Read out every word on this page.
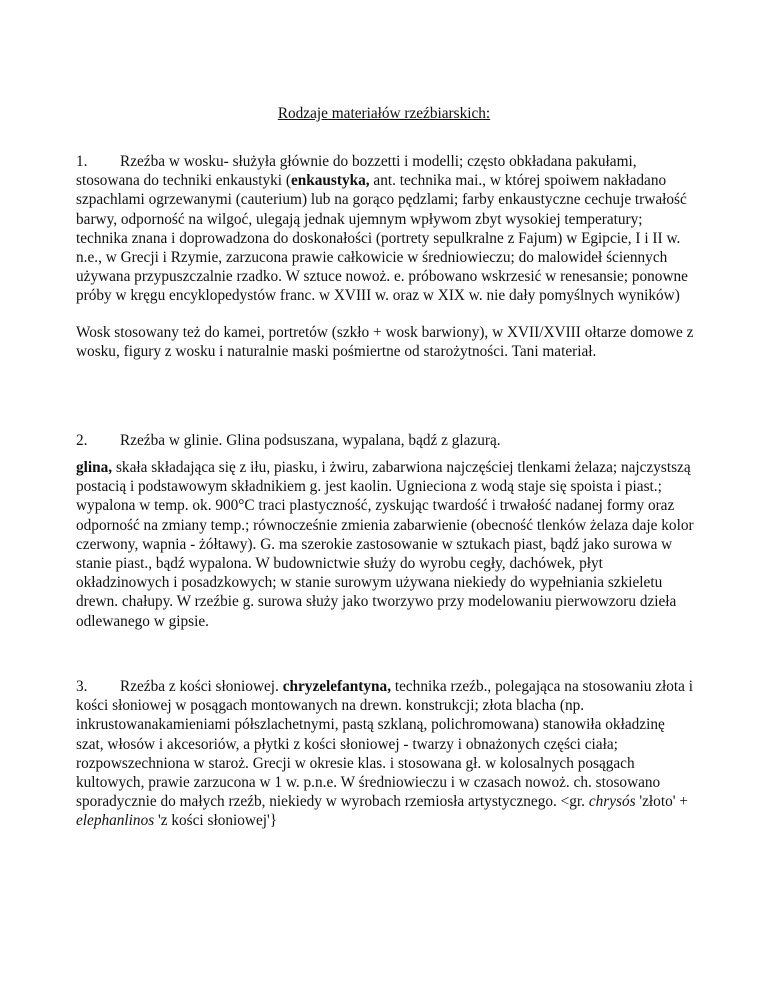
Rodzaje materiałów rzeźbiarskich:

1. Rzeźba w wosku- służyła głównie do bozzetti i modelli; często obkładana pakułami, stosowana do techniki enkaustyki (enkaustyka, ant. technika mai., w której spoiwem nakładano szpachlami ogrzewanymi (cauterium) lub na gorąco pędzlami; farby enkaustyczne cechuje trwałość barwy, odporność na wilgoć, ulegają jednak ujemnym wpływom zbyt wysokiej temperatury; technika znana i doprowadzona do doskonałości (portrety sepulkralne z Fajum) w Egipcie, I i II w. n.e., w Grecji i Rzymie, zarzucona prawie całkowicie w średniowieczu; do malowideł ściennych używana przypuszczalnie rzadko. W sztuce nowoż. e. próbowano wskrzesić w renesansie; ponowne próby w kręgu encyklopedystów franc. w XVIII w. oraz w XIX w. nie dały pomyślnych wyników)

Wosk stosowany też do kamei, portretów (szkło + wosk barwiony), w XVII/XVIII ołtarze domowe z wosku, figury z wosku i naturalnie maski pośmiertne od starożytności. Tani materiał.

2. Rzeźba w glinie. Glina podsuszana, wypalana, bądź z glazurą.

glina, skała składająca się z iłu, piasku, i żwiru, zabarwiona najczęściej tlenkami żelaza; najczystszą postacią i podstawowym składnikiem g. jest kaolin. Ugnieciona z wodą staje się spoista i piast.; wypalona w temp. ok. 900°C traci plastyczność, zyskując twardość i trwałość nadanej formy oraz odporność na zmiany temp.; równocześnie zmienia zabarwienie (obecność tlenków żelaza daje kolor czerwony, wapnia - żółtawy). G. ma szerokie zastosowanie w sztukach piast, bądź jako surowa w stanie piast., bądź wypalona. W budownictwie służy do wyrobu cegły, dachówek, płyt okładzinowych i posadzkowych; w stanie surowym używana niekiedy do wypełniania szkieletu drewn. chałupy. W rzeźbie g. surowa służy jako tworzywo przy modelowaniu pierwowzoru dzieła odlewanego w gipsie.

3. Rzeźba z kości słoniowej. chryzelefantyna, technika rzeźb., polegająca na stosowaniu złota i kości słoniowej w posągach montowanych na drewn. konstrukcji; złota blacha (np. inkrustowanakamieniami półszlachetnymi, pastą szklaną, polichromowana) stanowiła okładzinę szat, włosów i akcesoriów, a płytki z kości słoniowej - twarzy i obnażonych części ciała; rozpowszechniona w staroż. Grecji w okresie klas. i stosowana gł. w kolosalnych posągach kultowych, prawie zarzucona w 1 w. p.n.e. W średniowieczu i w czasach nowoż. ch. stosowano sporadycznie do małych rzeźb, niekiedy w wyrobach rzemiosła artystycznego. <gr. chrysós 'złoto' + elephanlinos 'z kości słoniowej'}
